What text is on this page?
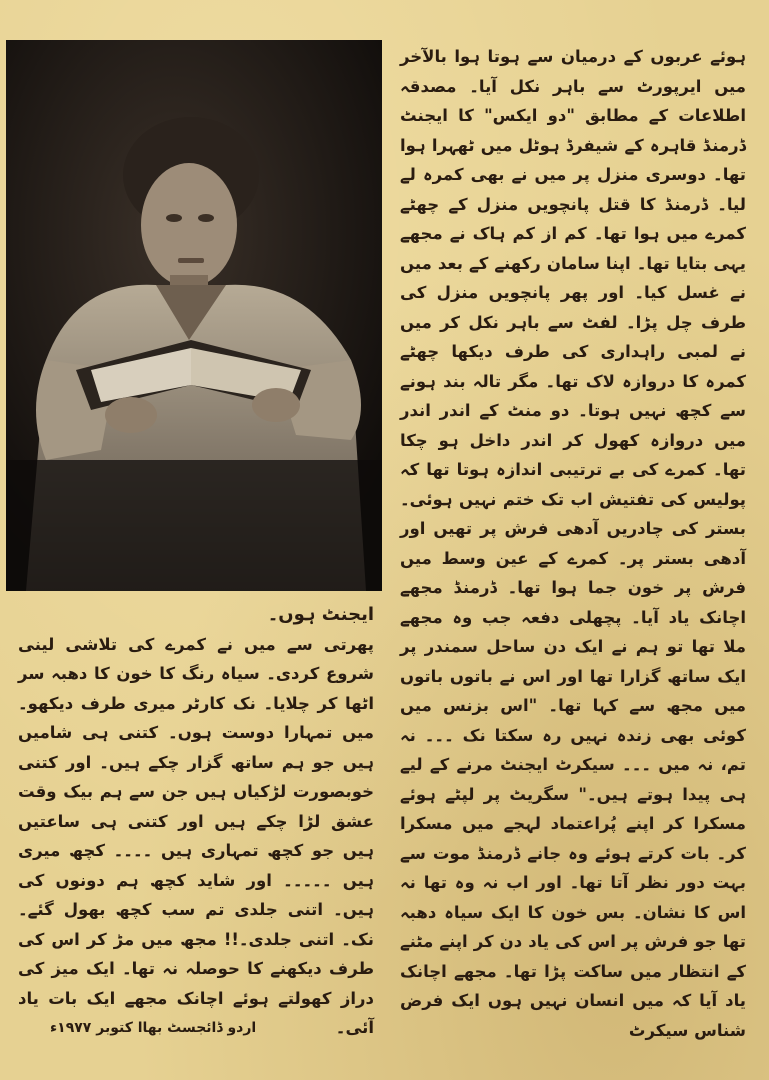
ہوئے عربوں کے درمیان سے ہوتا ہوا بالآخر میں ایرپورٹ سے باہر نکل آیا۔ مصدقہ اطلاعات کے مطابق "دو ایکس" کا ایجنٹ ڈرمنڈ قاہرہ کے شیفرڈ ہوٹل میں ٹھہرا ہوا تھا۔ دوسری منزل پر میں نے بھی کمرہ لے لیا۔ ڈرمنڈ کا قتل پانچویں منزل کے چھٹے کمرے میں ہوا تھا۔ کم از کم ہاک نے مجھے یہی بتایا تھا۔ اپنا سامان رکھنے کے بعد میں نے غسل کیا۔ اور پھر پانچویں منزل کی طرف چل پڑا۔ لفٹ سے باہر نکل کر میں نے لمبی راہداری کی طرف دیکھا چھٹے کمرہ کا دروازہ لاک تھا۔ مگر تالہ بند ہونے سے کچھ نہیں ہوتا۔ دو منٹ کے اندر اندر میں دروازہ کھول کر اندر داخل ہو چکا تھا۔ کمرے کی بے ترتیبی اندازہ ہوتا تھا کہ پولیس کی تفتیش اب تک ختم نہیں ہوئی۔ بستر کی چادریں آدھی فرش پر تھیں اور آدھی بستر پر۔ کمرے کے عین وسط میں فرش پر خون جما ہوا تھا۔ ڈرمنڈ مجھے اچانک یاد آیا۔ پچھلی دفعہ جب وہ مجھے ملا تھا تو ہم نے ایک دن ساحل سمندر پر ایک ساتھ گزارا تھا اور اس نے باتوں باتوں میں مجھ سے کہا تھا۔ "اس بزنس میں کوئی بھی زندہ نہیں رہ سکتا نک ۔۔۔ نہ تم، نہ میں ۔۔۔ سیکرٹ ایجنٹ مرنے کے لیے ہی پیدا ہوتے ہیں۔" سگریٹ پر لپٹے ہوئے مسکرا کر اپنے پُراعتماد لہجے میں مسکرا کر۔ بات کرتے ہوئے وہ جانے ڈرمنڈ موت سے بہت دور نظر آتا تھا۔ اور اب نہ وہ تھا نہ اس کا نشان۔ بس خون کا ایک سیاہ دھبہ تھا جو فرش پر اس کی یاد دن کر اپنے مٹنے کے انتظار میں ساکت پڑا تھا۔ مجھے اچانک یاد آیا کہ میں انسان نہیں ہوں ایک فرض شناس سیکرٹ

ایجنٹ ہوں۔

پھرتی سے میں نے کمرے کی تلاشی لینی شروع کردی۔ سیاہ رنگ کا خون کا دھبہ سر اٹھا کر چلایا۔ نک کارٹر میری طرف دیکھو۔ میں تمہارا دوست ہوں۔ کتنی ہی شامیں ہیں جو ہم ساتھ گزار چکے ہیں۔ اور کتنی خوبصورت لڑکیاں ہیں جن سے ہم بیک وقت عشق لڑا چکے ہیں اور کتنی ہی ساعتیں ہیں جو کچھ تمہاری ہیں ۔۔۔۔ کچھ میری ہیں ۔۔۔۔۔ اور شاید کچھ ہم دونوں کی ہیں۔ اتنی جلدی تم سب کچھ بھول گئے۔ نک۔ اتنی جلدی۔!! مجھ میں مڑ کر اس کی طرف دیکھنے کا حوصلہ نہ تھا۔ ایک میز کی دراز کھولتے ہوئے اچانک مجھے ایک بات یاد آئی۔

اردو ڈائجسٹ بھاا کتوبر ۱۹۷۷ء
